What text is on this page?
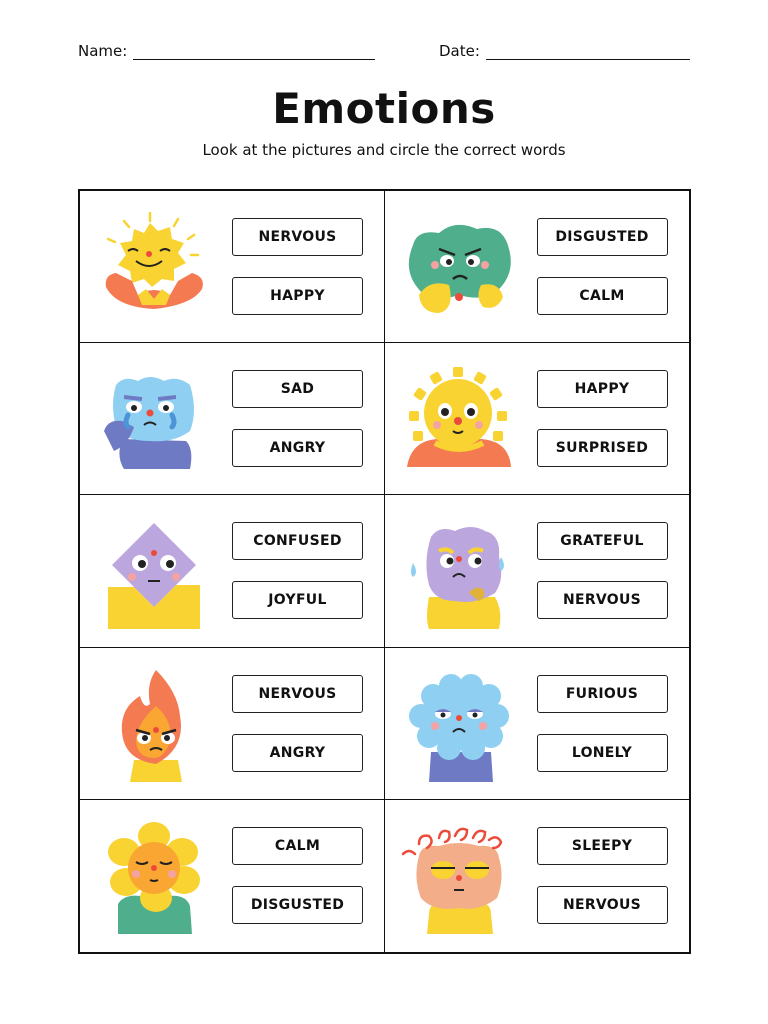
Name:	Date:
Emotions
Look at the pictures and circle the correct words
NERVOUS
HAPPY
DISGUSTED
CALM
SAD
ANGRY
HAPPY
SURPRISED
CONFUSED
JOYFUL
GRATEFUL
NERVOUS
NERVOUS
ANGRY
FURIOUS
LONELY
CALM
DISGUSTED
SLEEPY
NERVOUS
